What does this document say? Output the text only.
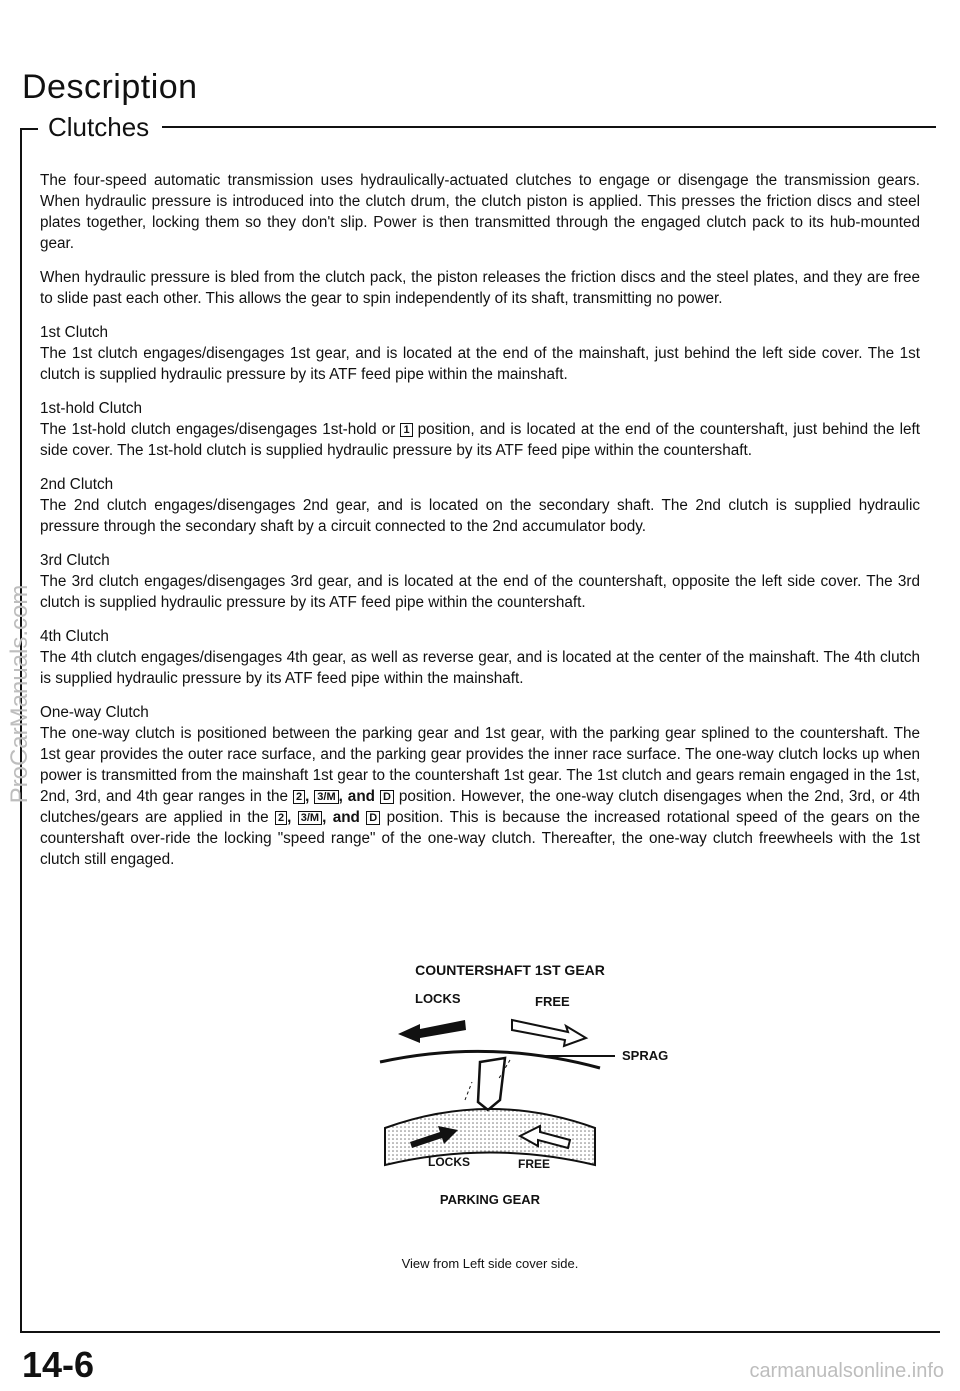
Description
Clutches

The four-speed automatic transmission uses hydraulically-actuated clutches to engage or disengage the transmission gears. When hydraulic pressure is introduced into the clutch drum, the clutch piston is applied. This presses the friction discs and steel plates together, locking them so they don't slip. Power is then transmitted through the engaged clutch pack to its hub-mounted gear.

When hydraulic pressure is bled from the clutch pack, the piston releases the friction discs and the steel plates, and they are free to slide past each other. This allows the gear to spin independently of its shaft, transmitting no power.

1st Clutch
The 1st clutch engages/disengages 1st gear, and is located at the end of the mainshaft, just behind the left side cover. The 1st clutch is supplied hydraulic pressure by its ATF feed pipe within the mainshaft.

1st-hold Clutch
The 1st-hold clutch engages/disengages 1st-hold or 1 position, and is located at the end of the countershaft, just behind the left side cover. The 1st-hold clutch is supplied hydraulic pressure by its ATF feed pipe within the countershaft.

2nd Clutch
The 2nd clutch engages/disengages 2nd gear, and is located on the secondary shaft. The 2nd clutch is supplied hydraulic pressure through the secondary shaft by a circuit connected to the 2nd accumulator body.

3rd Clutch
The 3rd clutch engages/disengages 3rd gear, and is located at the end of the countershaft, opposite the left side cover. The 3rd clutch is supplied hydraulic pressure by its ATF feed pipe within the countershaft.

4th Clutch
The 4th clutch engages/disengages 4th gear, as well as reverse gear, and is located at the center of the mainshaft. The 4th clutch is supplied hydraulic pressure by its ATF feed pipe within the mainshaft.

One-way Clutch
The one-way clutch is positioned between the parking gear and 1st gear, with the parking gear splined to the countershaft. The 1st gear provides the outer race surface, and the parking gear provides the inner race surface. The one-way clutch locks up when power is transmitted from the mainshaft 1st gear to the countershaft 1st gear. The 1st clutch and gears remain engaged in the 1st, 2nd, 3rd, and 4th gear ranges in the 2 , 3/M , and D position. However, the one-way clutch disengages when the 2nd, 3rd, or 4th clutches/gears are applied in the 2 , 3/M , and D position. This is because the increased rotational speed of the gears on the countershaft over-ride the locking "speed range" of the one-way clutch. Thereafter, the one-way clutch freewheels with the 1st clutch still engaged.

COUNTERSHAFT 1ST GEAR
LOCKS	FREE
SPRAG
LOCKS	FREE
PARKING GEAR
View from Left side cover side.
14-6
ProCarManuals.com
carmanualsonline.info
